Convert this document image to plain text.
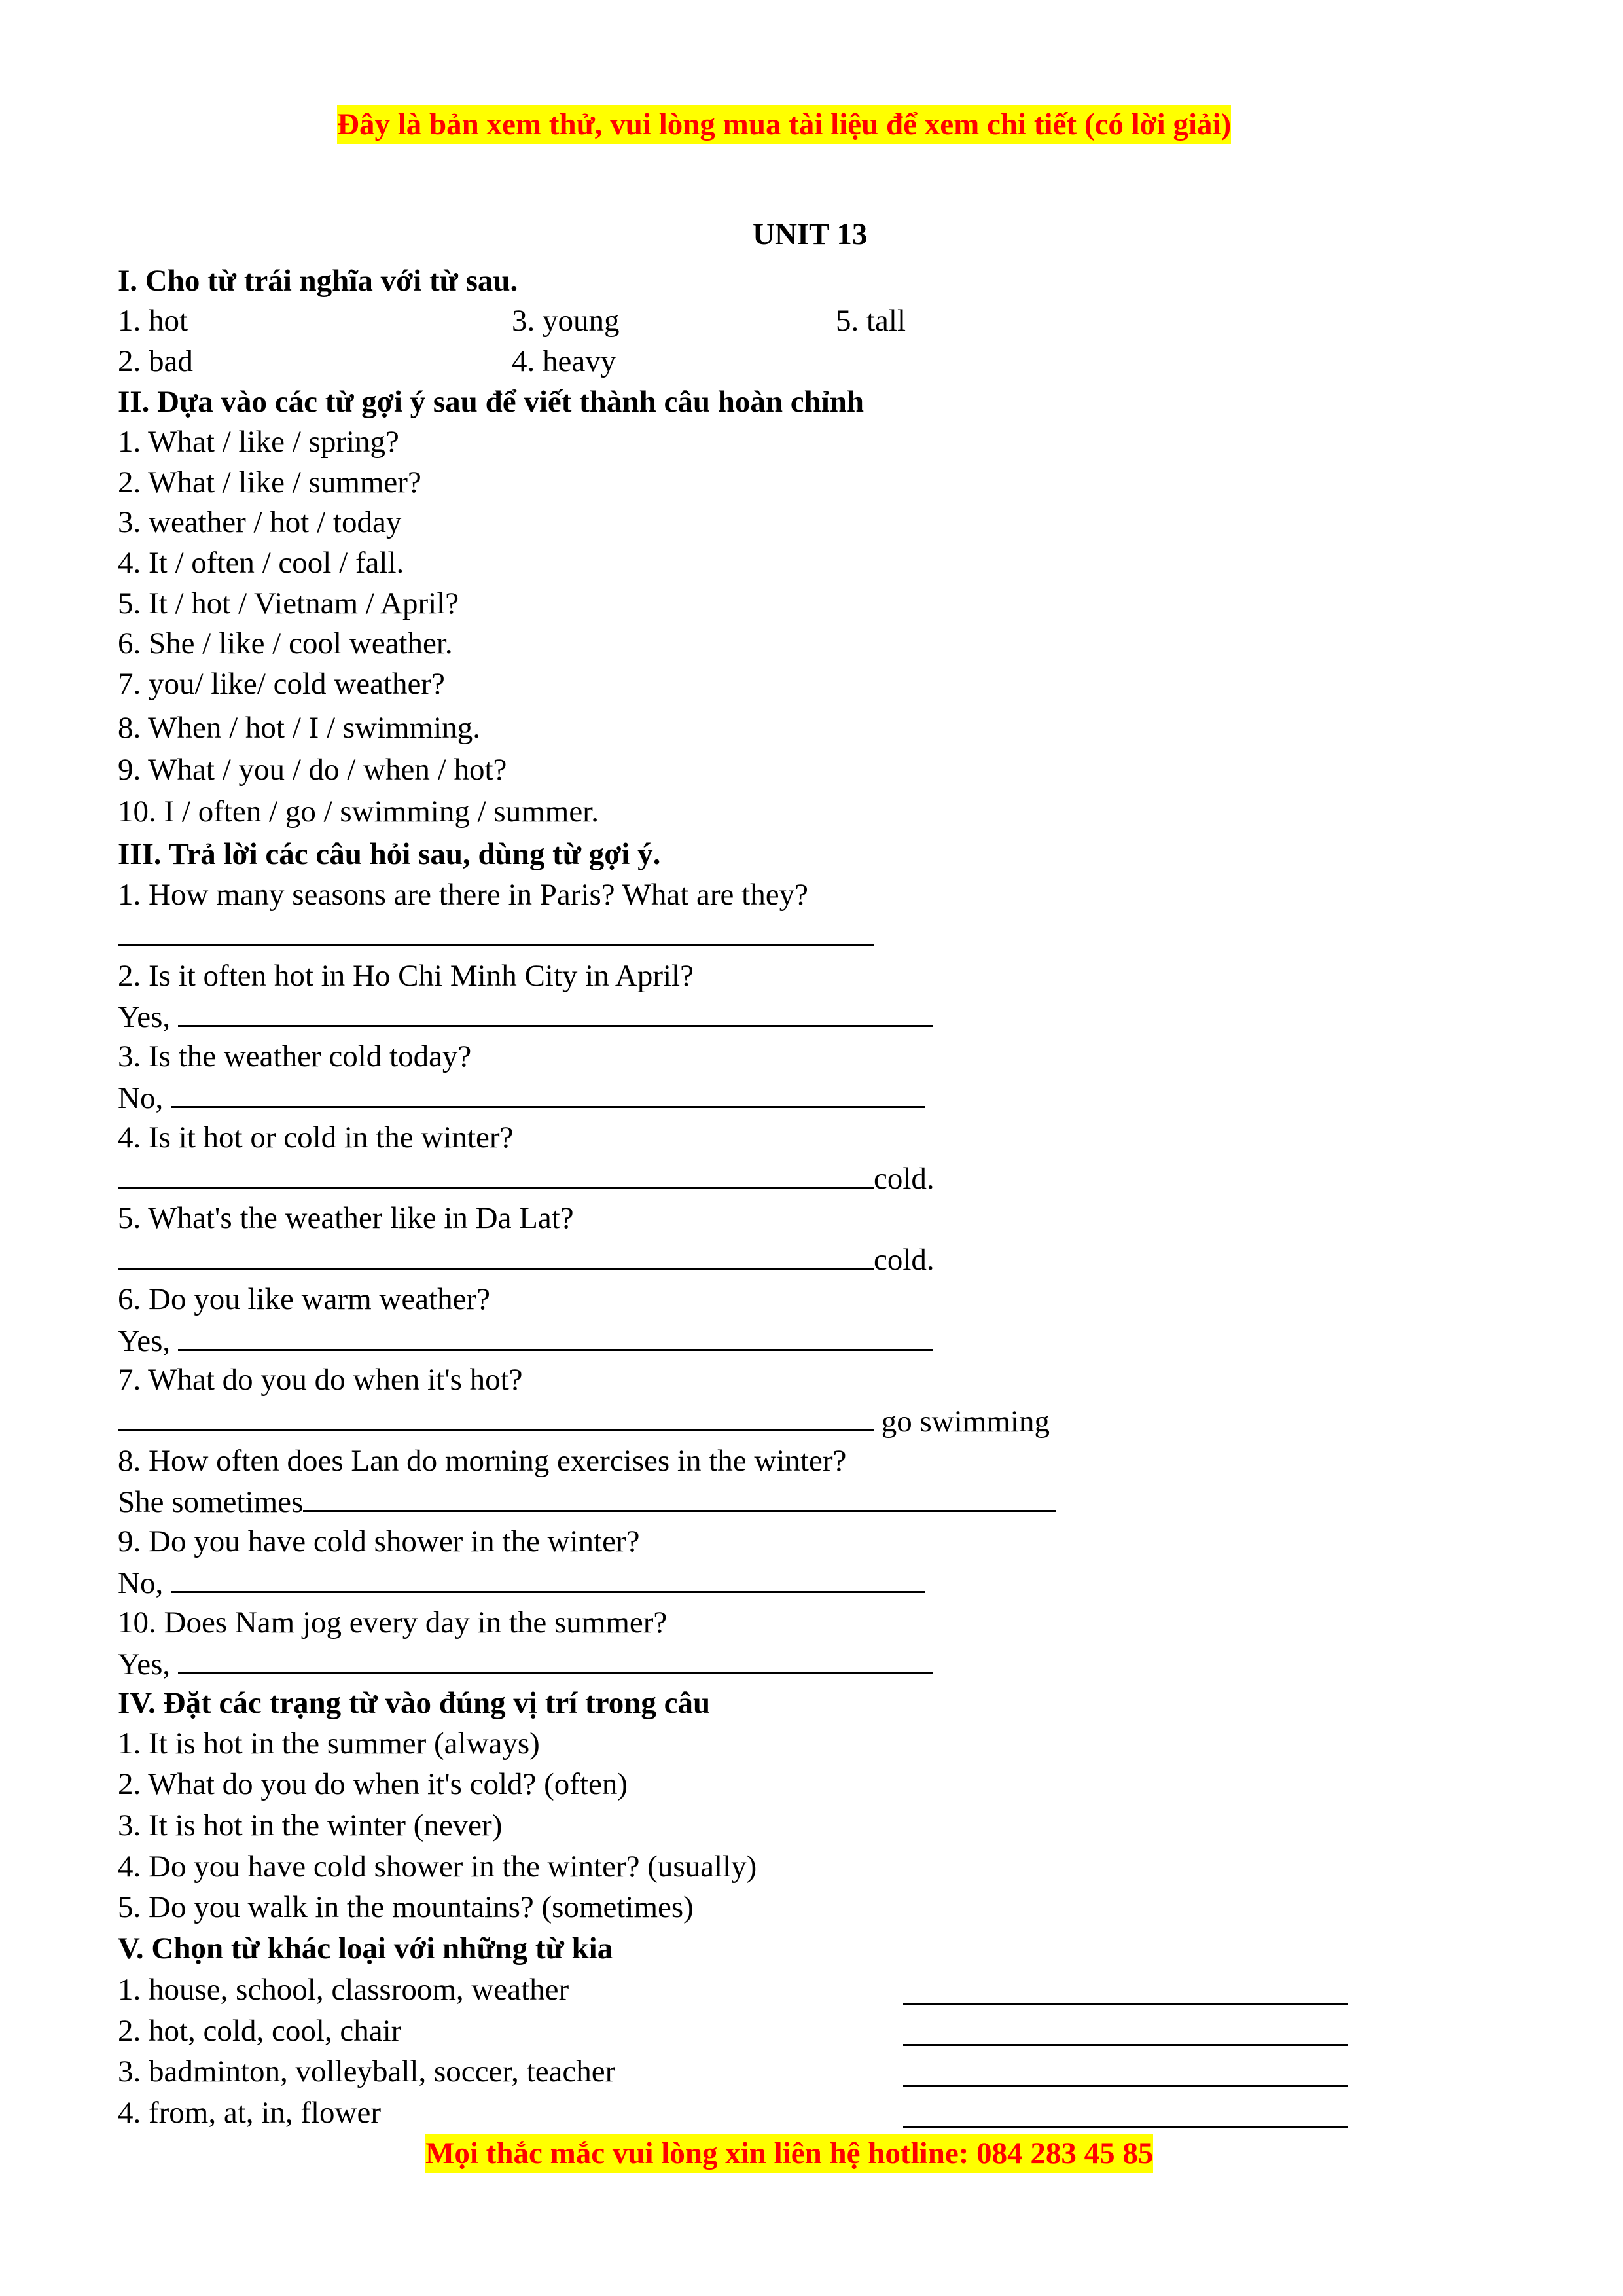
Đây là bản xem thử, vui lòng mua tài liệu để xem chi tiết (có lời giải)
UNIT 13
I. Cho từ trái nghĩa với từ sau.
1. hot
2. bad
3. young
4. heavy
5. tall
II. Dựa vào các từ gợi ý sau để viết thành câu hoàn chỉnh
1. What / like / spring?
2. What / like / summer?
3. weather / hot / today
4. It / often / cool / fall.
5. It / hot / Vietnam / April?
6. She / like / cool weather.
7. you/ like/ cold weather?
8. When / hot / I / swimming.
9. What / you / do / when / hot?
10. I / often / go / swimming / summer.
III. Trả lời các câu hỏi sau, dùng từ gợi ý.
1. How many seasons are there in Paris? What are they?
2. Is it often hot in Ho Chi Minh City in April?
Yes,
3. Is the weather cold today?
No,
4. Is it hot or cold in the winter?
cold.
5. What's the weather like in Da Lat?
cold.
6. Do you like warm weather?
Yes,
7. What do you do when it's hot?
go swimming
8. How often does Lan do morning exercises in the winter?
She sometimes
9. Do you have cold shower in the winter?
No,
10. Does Nam jog every day in the summer?
Yes,
IV. Đặt các trạng từ vào đúng vị trí trong câu
1. It is hot in the summer (always)
2. What do you do when it's cold? (often)
3. It is hot in the winter (never)
4. Do you have cold shower in the winter? (usually)
5. Do you walk in the mountains? (sometimes)
V. Chọn từ khác loại với những từ kia
1. house, school, classroom, weather
2. hot, cold, cool, chair
3. badminton, volleyball, soccer, teacher
4. from, at, in, flower
Mọi thắc mắc vui lòng xin liên hệ hotline: 084 283 45 85
